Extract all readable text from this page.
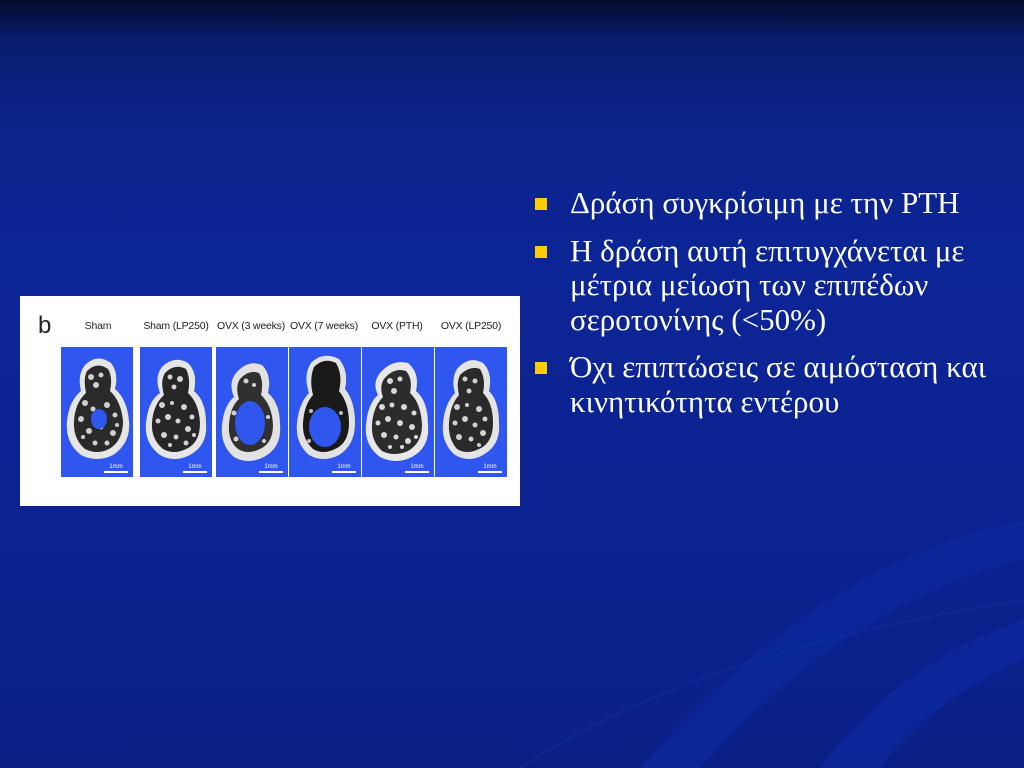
b	Sham	Sham (LP250) OVX (3 weeks) OVX (7 weeks) OVX (PTH) OVX (LP250)
1mm	1mm	1mm	1mm	1mm	1mm
Δράση συγκρίσιμη με την PTH
Η δράση αυτή επιτυγχάνεται με μέτρια μείωση των επιπέδων σεροτονίνης (<50%)
Όχι επιπτώσεις σε αιμόσταση και κινητικότητα εντέρου
